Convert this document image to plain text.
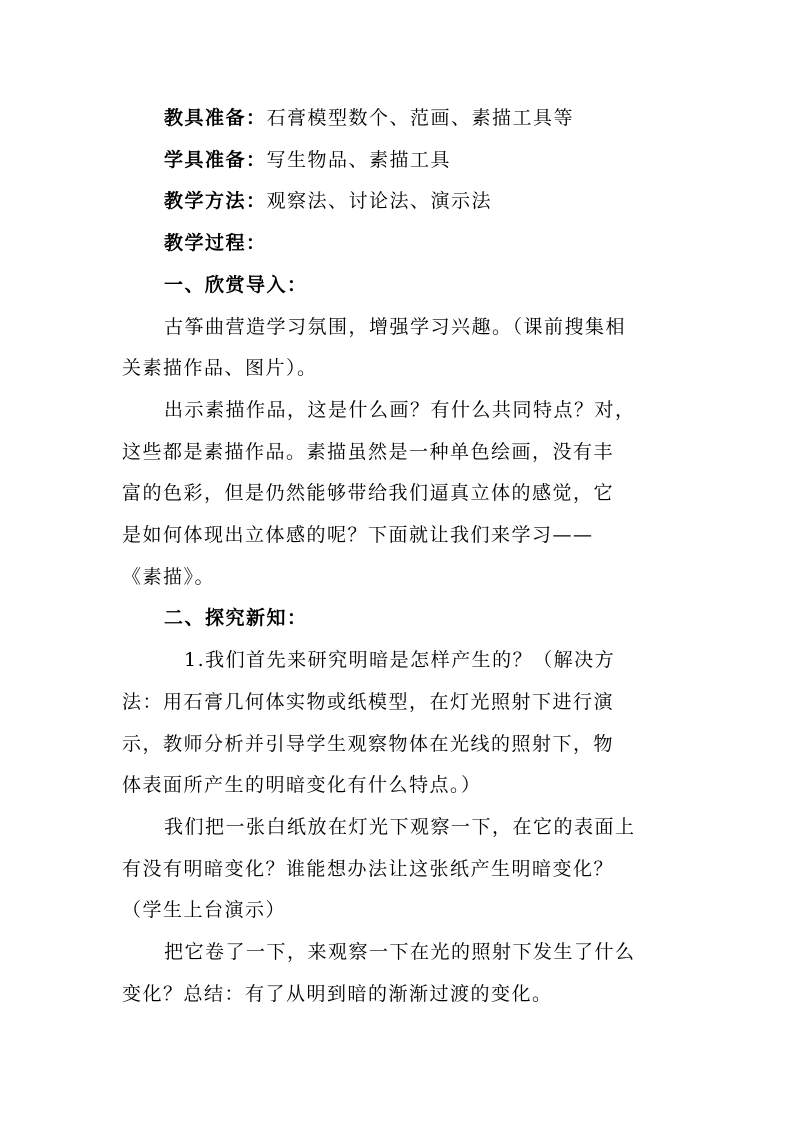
教具准备：石膏模型数个、范画、素描工具等
学具准备：写生物品、素描工具
教学方法：观察法、讨论法、演示法
教学过程：
一、欣赏导入：
古筝曲营造学习氛围，增强学习兴趣。（课前搜集相
关素描作品、图片）。
出示素描作品，这是什么画？有什么共同特点？对，
这些都是素描作品。素描虽然是一种单色绘画，没有丰
富的色彩，但是仍然能够带给我们逼真立体的感觉，它
是如何体现出立体感的呢？下面就让我们来学习——
《素描》。
二、探究新知：
1.我们首先来研究明暗是怎样产生的？（解决方
法：用石膏几何体实物或纸模型，在灯光照射下进行演
示，教师分析并引导学生观察物体在光线的照射下，物
体表面所产生的明暗变化有什么特点。）
我们把一张白纸放在灯光下观察一下，在它的表面上
有没有明暗变化？谁能想办法让这张纸产生明暗变化？
（学生上台演示）
把它卷了一下，来观察一下在光的照射下发生了什么
变化？总结：有了从明到暗的渐渐过渡的变化。
